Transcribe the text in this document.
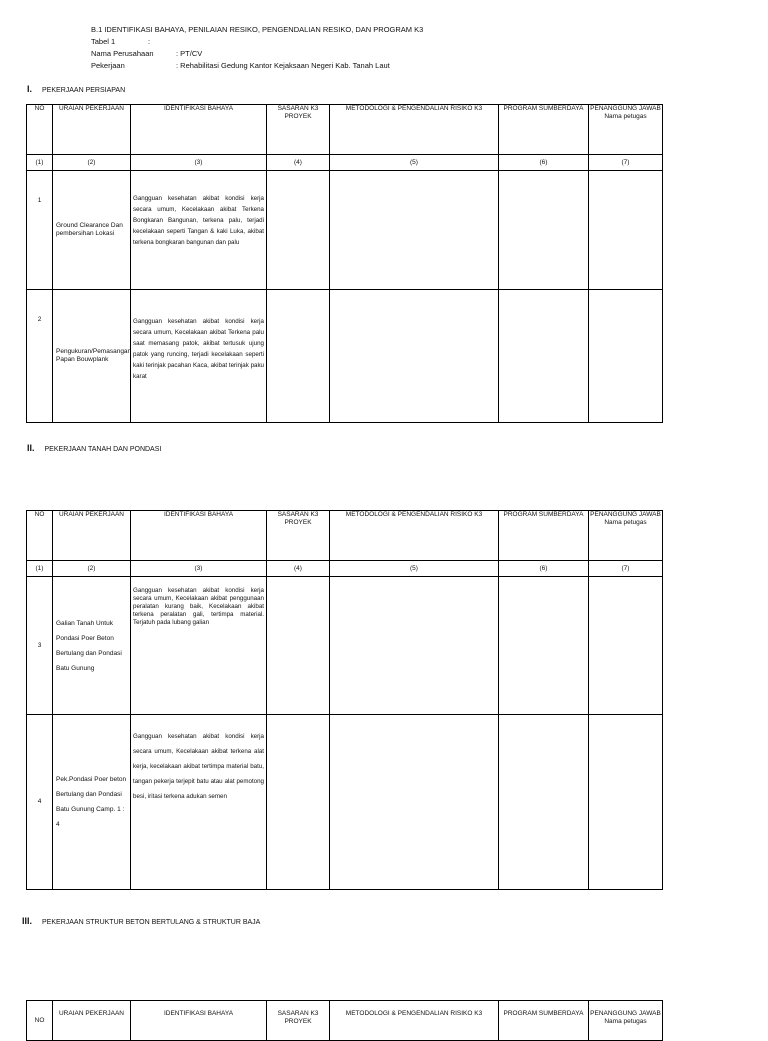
B.1 IDENTIFIKASI BAHAYA, PENILAIAN RESIKO, PENGENDALIAN RESIKO, DAN PROGRAM K3
Tabel 1	:
Nama Perusahaan	: PT/CV
Pekerjaan	: Rehabilitasi Gedung Kantor Kejaksaan Negeri Kab. Tanah Laut
I. PEKERJAAN PERSIAPAN
NO	URAIAN PEKERJAAN	IDENTIFIKASI BAHAYA	SASARAN K3 PROYEK	METODOLOGI & PENGENDALIAN RISIKO K3	PROGRAM SUMBERDAYA	PENANGGUNG JAWAB
Nama petugas
(1)	(2)	(3)	(4)	(5)	(6)	(7)
1	Ground Clearance Dan pembersihan Lokasi	Gangguan kesehatan akibat kondisi kerja secara umum, Kecelakaan akibat Terkena Bongkaran Bangunan, terkena palu, terjadi kecelakaan seperti Tangan & kaki Luka, akibat terkena bongkaran bangunan dan palu				
2	Pengukuran/Pemasangan Papan Bouwplank	Gangguan kesehatan akibat kondisi kerja secara umum, Kecelakaan akibat Terkena palu saat memasang patok, akibat tertusuk ujung patok yang runcing, terjadi kecelakaan seperti kaki terinjak pacahan Kaca, akibat terinjak paku karat				
II. PEKERJAAN TANAH DAN PONDASI
NO	URAIAN PEKERJAAN	IDENTIFIKASI BAHAYA	SASARAN K3 PROYEK	METODOLOGI & PENGENDALIAN RISIKO K3	PROGRAM SUMBERDAYA	PENANGGUNG JAWAB
Nama petugas
(1)	(2)	(3)	(4)	(5)	(6)	(7)
3	Galian Tanah Untuk Pondasi Poer Beton Bertulang dan Pondasi Batu Gunung	Gangguan kesehatan akibat kondisi kerja secara umum, Kecelakaan akibat penggunaan peralatan kurang baik, Kecelakaan akibat terkena peralatan gali, tertimpa material. Terjatuh pada lubang galian				
4	Pek.Pondasi Poer beton Bertulang dan Pondasi Batu Gunung Camp. 1 : 4	Gangguan kesehatan akibat kondisi kerja secara umum, Kecelakaan akibat terkena alat kerja, kecelakaan akibat tertimpa material batu, tangan pekerja terjepit batu atau alat pemotong besi, iritasi terkena adukan semen				
III. PEKERJAAN STRUKTUR BETON BERTULANG & STRUKTUR BAJA
NO	URAIAN PEKERJAAN	IDENTIFIKASI BAHAYA	SASARAN K3 PROYEK	METODOLOGI & PENGENDALIAN RISIKO K3	PROGRAM SUMBERDAYA	PENANGGUNG JAWAB
Nama petugas
